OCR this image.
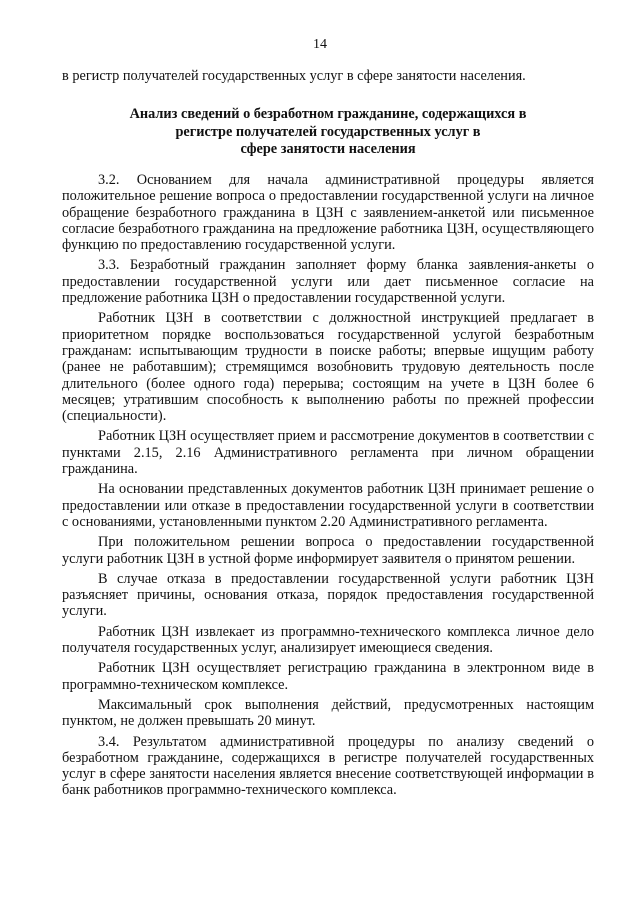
14
в регистр получателей государственных услуг в сфере занятости населения.
Анализ сведений о безработном гражданине, содержащихся в
регистре получателей государственных услуг в
сфере занятости населения

3.2. Основанием для начала административной процедуры является положительное решение вопроса о предоставлении государственной услуги на личное обращение безработного гражданина в ЦЗН с заявлением-анкетой или письменное согласие безработного гражданина на предложение работника ЦЗН, осуществляющего функцию по предоставлению государственной услуги.

3.3. Безработный гражданин заполняет форму бланка заявления-анкеты о предоставлении государственной услуги или дает письменное согласие на предложение работника ЦЗН о предоставлении государственной услуги.

Работник ЦЗН в соответствии с должностной инструкцией предлагает в приоритетном порядке воспользоваться государственной услугой безработным гражданам: испытывающим трудности в поиске работы; впервые ищущим работу (ранее не работавшим); стремящимся возобновить трудовую деятельность после длительного (более одного года) перерыва; состоящим на учете в ЦЗН более 6 месяцев; утратившим способность к выполнению работы по прежней профессии (специальности).

Работник ЦЗН осуществляет прием и рассмотрение документов в соответствии с пунктами 2.15, 2.16 Административного регламента при личном обращении гражданина.

На основании представленных документов работник ЦЗН принимает решение о предоставлении или отказе в предоставлении государственной услуги в соответствии с основаниями, установленными пунктом 2.20 Административного регламента.

При положительном решении вопроса о предоставлении государственной услуги работник ЦЗН в устной форме информирует заявителя о принятом решении.

В случае отказа в предоставлении государственной услуги работник ЦЗН разъясняет причины, основания отказа, порядок предоставления государственной услуги.

Работник ЦЗН извлекает из программно-технического комплекса личное дело получателя государственных услуг, анализирует имеющиеся сведения.

Работник ЦЗН осуществляет регистрацию гражданина в электронном виде в программно-техническом комплексе.

Максимальный срок выполнения действий, предусмотренных настоящим пунктом, не должен превышать 20 минут.

3.4. Результатом административной процедуры по анализу сведений о безработном гражданине, содержащихся в регистре получателей государственных услуг в сфере занятости населения является внесение соответствующей информации в банк работников программно-технического комплекса.
